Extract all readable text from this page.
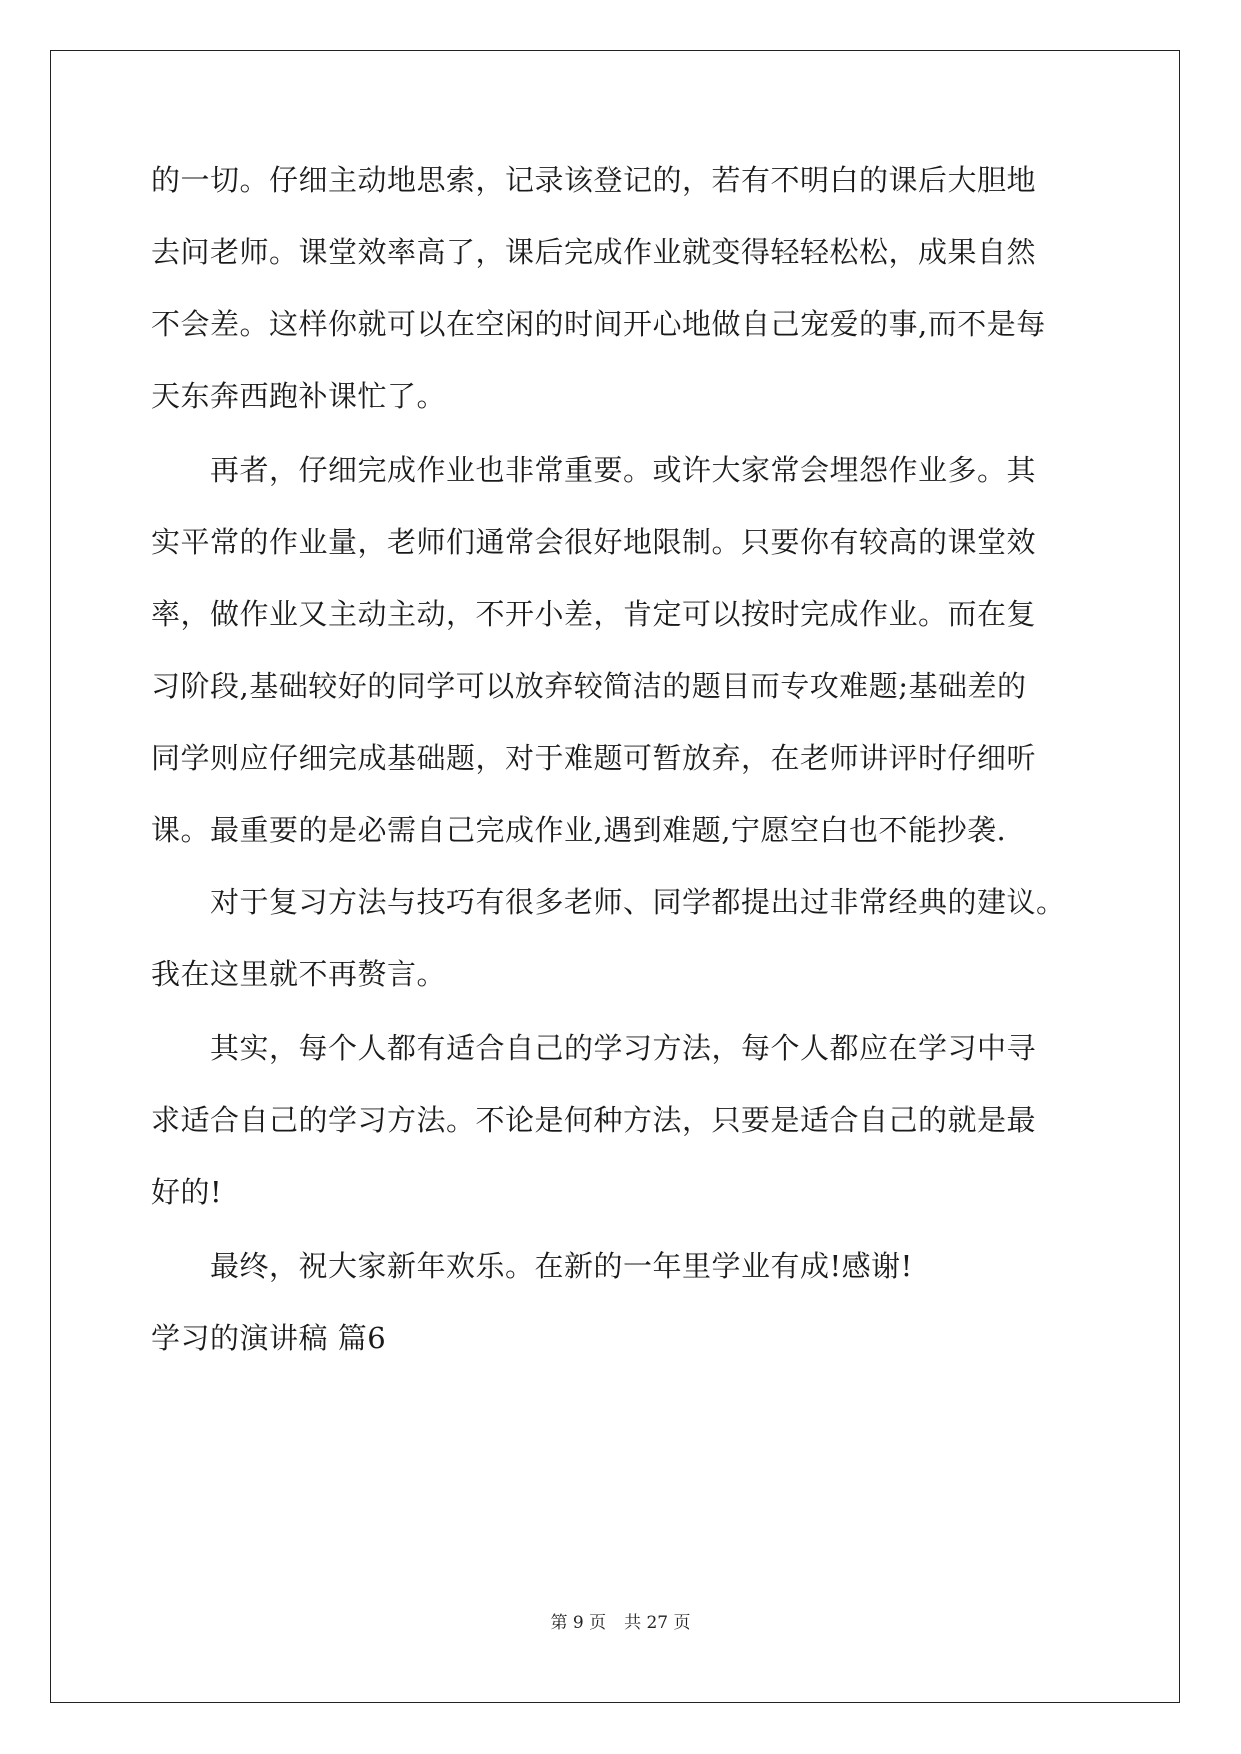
的一切。仔细主动地思索，记录该登记的，若有不明白的课后大胆地
去问老师。课堂效率高了，课后完成作业就变得轻轻松松，成果自然
不会差。这样你就可以在空闲的时间开心地做自己宠爱的事,而不是每
天东奔西跑补课忙了。
　　再者，仔细完成作业也非常重要。或许大家常会埋怨作业多。其
实平常的作业量，老师们通常会很好地限制。只要你有较高的课堂效
率，做作业又主动主动，不开小差，肯定可以按时完成作业。而在复
习阶段,基础较好的同学可以放弃较简洁的题目而专攻难题;基础差的
同学则应仔细完成基础题，对于难题可暂放弃，在老师讲评时仔细听
课。最重要的是必需自己完成作业,遇到难题,宁愿空白也不能抄袭.
　　对于复习方法与技巧有很多老师、同学都提出过非常经典的建议。
我在这里就不再赘言。
　　其实，每个人都有适合自己的学习方法，每个人都应在学习中寻
求适合自己的学习方法。不论是何种方法，只要是适合自己的就是最
好的!
　　最终，祝大家新年欢乐。在新的一年里学业有成!感谢!
学习的演讲稿 篇6
第 9 页 共 27 页
